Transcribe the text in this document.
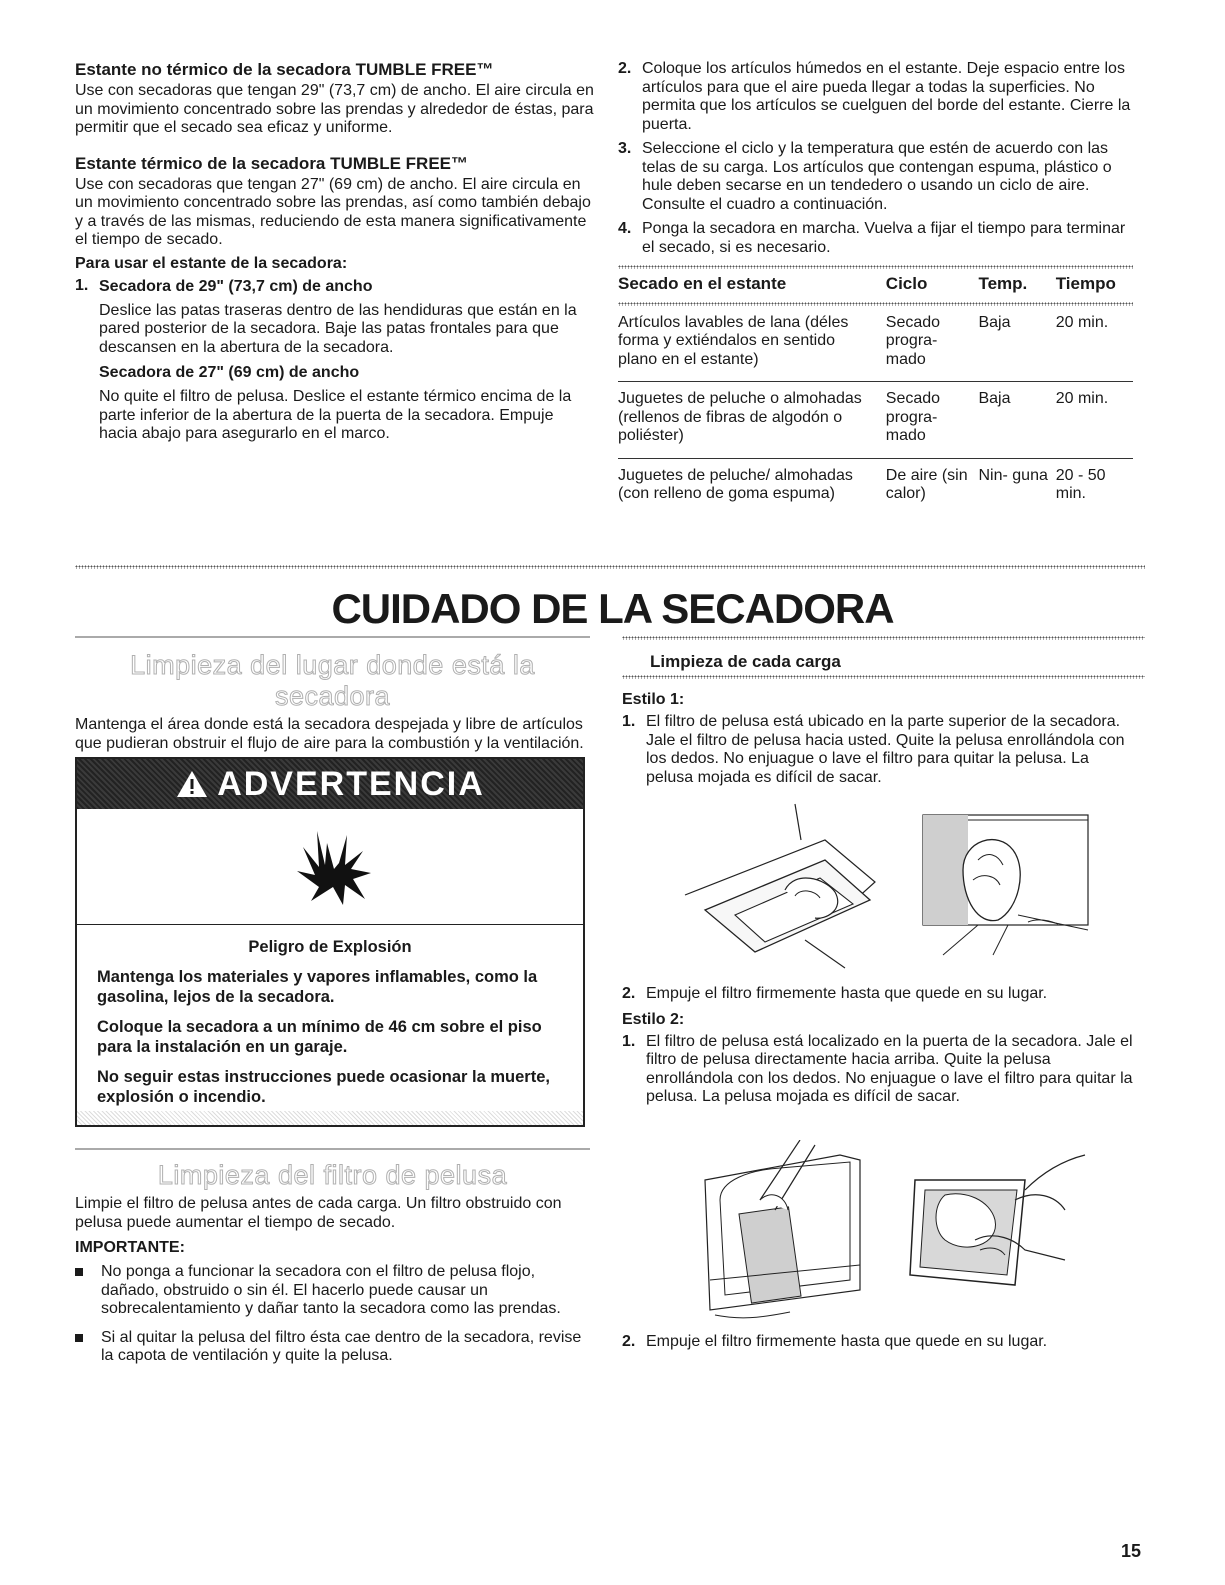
Estante no térmico de la secadora TUMBLE FREE™

Use con secadoras que tengan 29" (73,7 cm) de ancho. El aire circula en un movimiento concentrado sobre las prendas y alrededor de éstas, para permitir que el secado sea eficaz y uniforme.

Estante térmico de la secadora TUMBLE FREE™

Use con secadoras que tengan 27" (69 cm) de ancho. El aire circula en un movimiento concentrado sobre las prendas, así como también debajo y a través de las mismas, reduciendo de esta manera significativamente el tiempo de secado.

Para usar el estante de la secadora:

1. Secadora de 29" (73,7 cm) de ancho
Deslice las patas traseras dentro de las hendiduras que están en la pared posterior de la secadora. Baje las patas frontales para que descansen en la abertura de la secadora.
Secadora de 27" (69 cm) de ancho
No quite el filtro de pelusa. Deslice el estante térmico encima de la parte inferior de la abertura de la puerta de la secadora. Empuje hacia abajo para asegurarlo en el marco.
2. Coloque los artículos húmedos en el estante. Deje espacio entre los artículos para que el aire pueda llegar a todas la superficies. No permita que los artículos se cuelguen del borde del estante. Cierre la puerta.
3. Seleccione el ciclo y la temperatura que estén de acuerdo con las telas de su carga. Los artículos que contengan espuma, plástico o hule deben secarse en un tendedero o usando un ciclo de aire. Consulte el cuadro a continuación.
4. Ponga la secadora en marcha. Vuelva a fijar el tiempo para terminar el secado, si es necesario.
Secado en el estante	Ciclo	Temp.	Tiempo

Artículos lavables de lana (déles forma y extiéndalos en sentido plano en el estante)	Secado progra- mado	Baja	20 min.
Juguetes de peluche o almohadas (rellenos de fibras de algodón o poliéster)	Secado progra- mado	Baja	20 min.
Juguetes de peluche/ almohadas (con relleno de goma espuma)	De aire (sin calor)	Nin- guna	20 - 50 min.
CUIDADO DE LA SECADORA

Limpieza del lugar donde está la secadora

Mantenga el área donde está la secadora despejada y libre de artículos que pudieran obstruir el flujo de aire para la combustión y la ventilación.

ADVERTENCIA
Peligro de Explosión
Mantenga los materiales y vapores inflamables, como la gasolina, lejos de la secadora.
Coloque la secadora a un mínimo de 46 cm sobre el piso para la instalación en un garaje.
No seguir estas instrucciones puede ocasionar la muerte, explosión o incendio.

Limpieza del filtro de pelusa

Limpie el filtro de pelusa antes de cada carga. Un filtro obstruido con pelusa puede aumentar el tiempo de secado.

IMPORTANTE:

No ponga a funcionar la secadora con el filtro de pelusa flojo, dañado, obstruido o sin él. El hacerlo puede causar un sobrecalentamiento y dañar tanto la secadora como las prendas.
Si al quitar la pelusa del filtro ésta cae dentro de la secadora, revise la capota de ventilación y quite la pelusa.
Limpieza de cada carga

Estilo 1:

1. El filtro de pelusa está ubicado en la parte superior de la secadora. Jale el filtro de pelusa hacia usted. Quite la pelusa enrollándola con los dedos. No enjuague o lave el filtro para quitar la pelusa. La pelusa mojada es difícil de sacar.
2. Empuje el filtro firmemente hasta que quede en su lugar.

Estilo 2:

1. El filtro de pelusa está localizado en la puerta de la secadora. Jale el filtro de pelusa directamente hacia arriba. Quite la pelusa enrollándola con los dedos. No enjuague o lave el filtro para quitar la pelusa. La pelusa mojada es difícil de sacar.
2. Empuje el filtro firmemente hasta que quede en su lugar.
15
